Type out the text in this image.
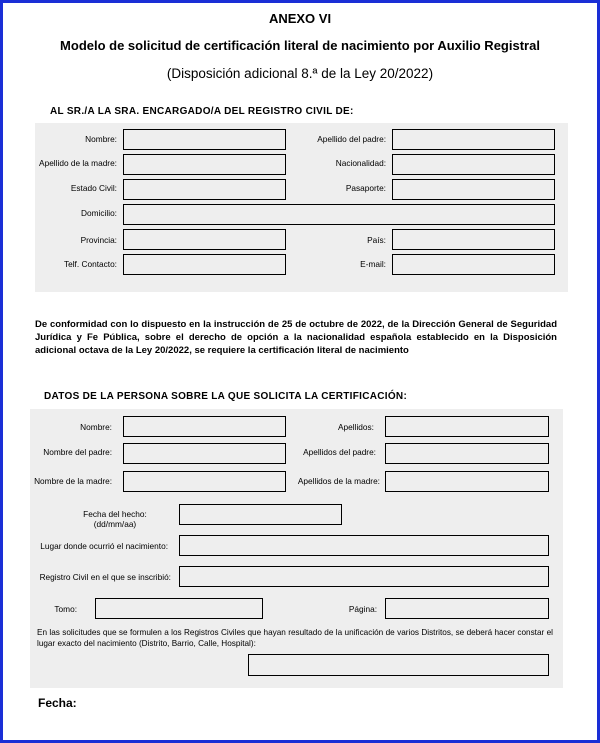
ANEXO VI
Modelo de solicitud de certificación literal de nacimiento por Auxilio Registral
(Disposición adicional 8.ª de la Ley 20/2022)
AL SR./A LA SRA. ENCARGADO/A DEL REGISTRO CIVIL DE:
Nombre:	Apellido del padre:
Apellido de la madre:	Nacionalidad:
Estado Civil:	Pasaporte:
Domicilio:
Provincia:	País:
Telf. Contacto:	E-mail:
De conformidad con lo dispuesto en la instrucción de 25 de octubre de 2022, de la Dirección General de Seguridad Jurídica y Fe Pública, sobre el derecho de opción a la nacionalidad española establecido en la Disposición adicional octava de la Ley 20/2022, se requiere la certificación literal de nacimiento
DATOS DE LA PERSONA SOBRE LA QUE SOLICITA LA CERTIFICACIÓN:
Nombre:	Apellidos:
Nombre del padre:	Apellidos del padre:
Nombre de la madre:	Apellidos de la madre:
Fecha del hecho:
(dd/mm/aa)
Lugar donde ocurrió el nacimiento:
Registro Civil en el que se inscribió:
Tomo:	Página:
En las solicitudes que se formulen a los Registros Civiles que hayan resultado de la unificación de varios Distritos, se deberá hacer constar el lugar exacto del nacimiento (Distrito, Barrio, Calle, Hospital):
Fecha:
